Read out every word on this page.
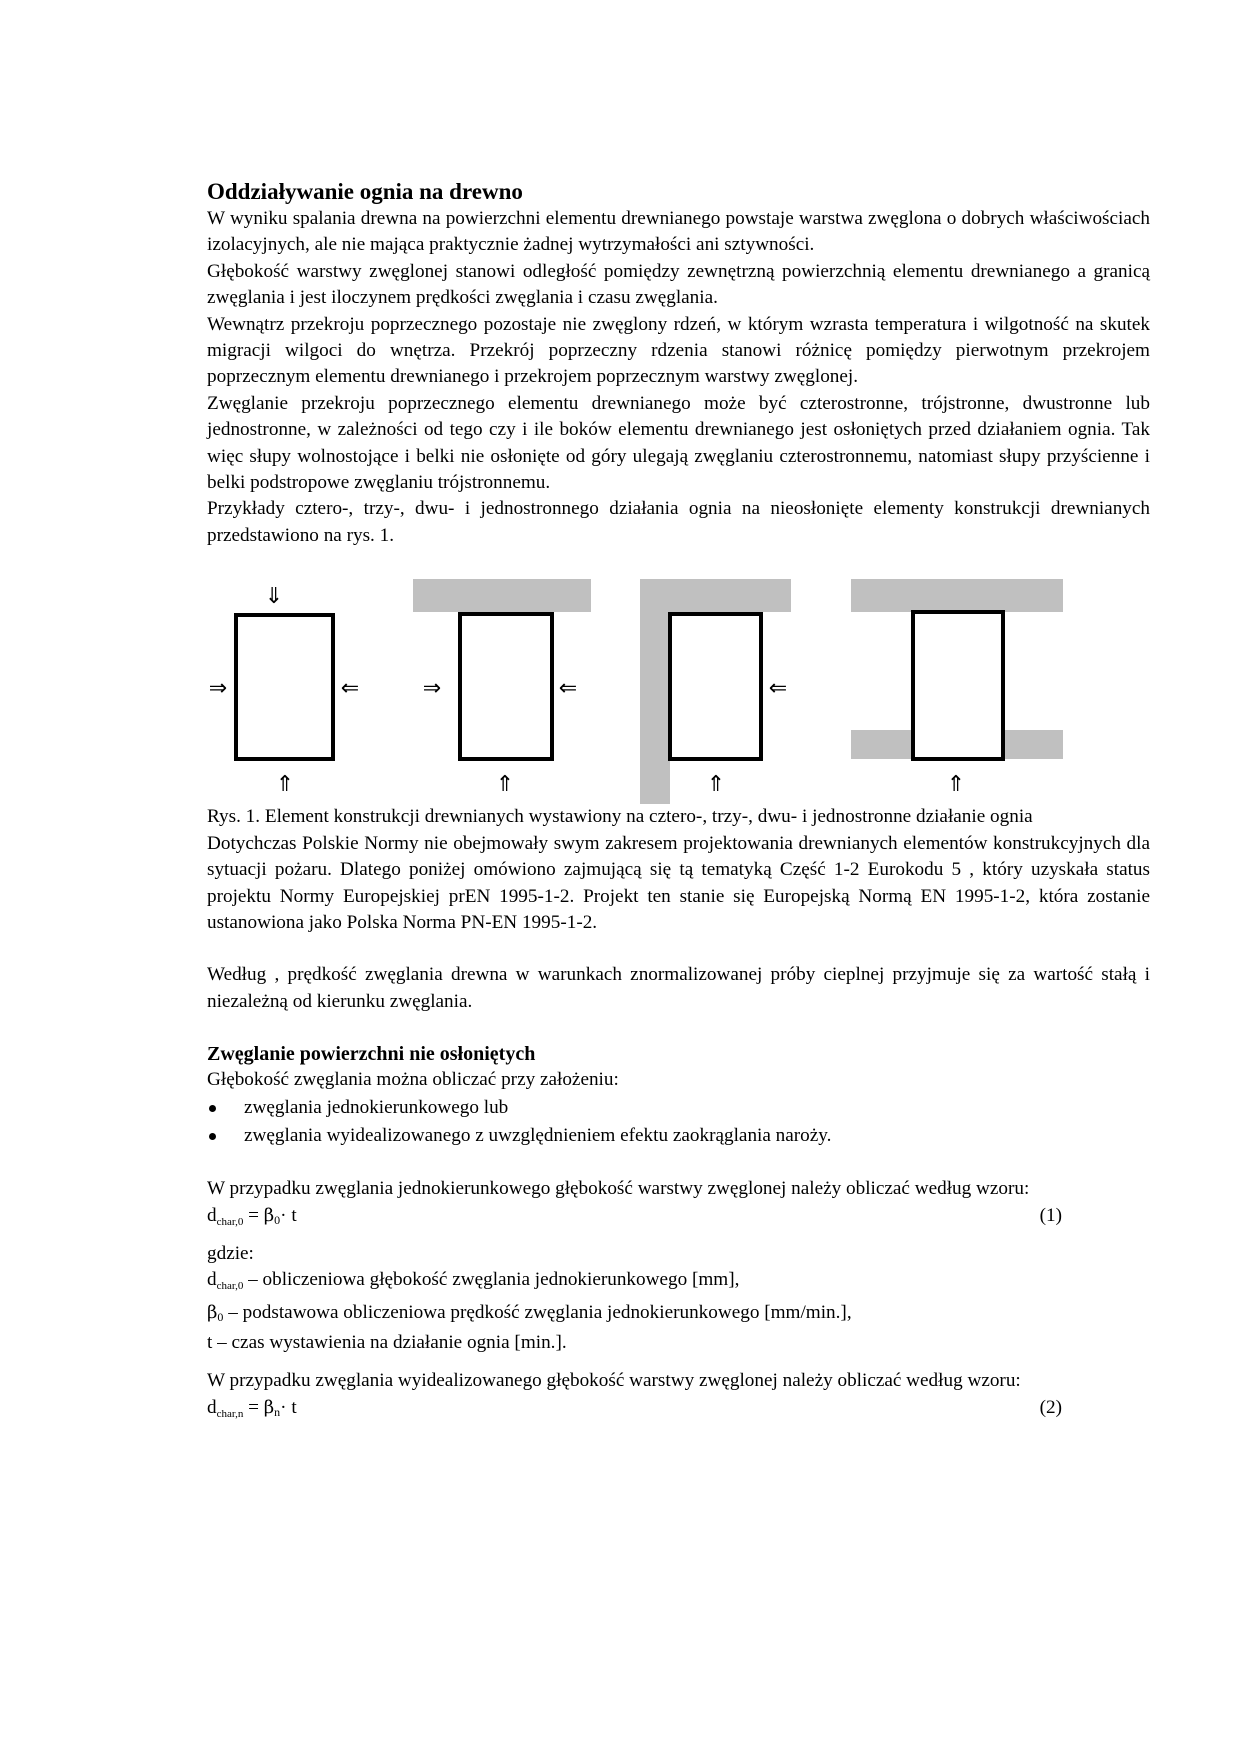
Oddziaływanie ognia na drewno

W wyniku spalania drewna na powierzchni elementu drewnianego powstaje warstwa zwęglona o dobrych właściwościach izolacyjnych, ale nie mająca praktycznie żadnej wytrzymałości ani sztywności.

Głębokość warstwy zwęglonej stanowi odległość pomiędzy zewnętrzną powierzchnią elementu drewnianego a granicą zwęglania i jest iloczynem prędkości zwęglania i czasu zwęglania.

Wewnątrz przekroju poprzecznego pozostaje nie zwęglony rdzeń, w którym wzrasta temperatura i wilgotność na skutek migracji wilgoci do wnętrza. Przekrój poprzeczny rdzenia stanowi różnicę pomiędzy pierwotnym przekrojem poprzecznym elementu drewnianego i przekrojem poprzecznym warstwy zwęglonej.

Zwęglanie przekroju poprzecznego elementu drewnianego może być czterostronne, trójstronne, dwustronne lub jednostronne, w zależności od tego czy i ile boków elementu drewnianego jest osłoniętych przed działaniem ognia. Tak więc słupy wolnostojące i belki nie osłonięte od góry ulegają zwęglaniu czterostronnemu, natomiast słupy przyścienne i belki podstropowe zwęglaniu trójstronnemu.

Przykłady cztero-, trzy-, dwu- i jednostronnego działania ognia na nieosłonięte elementy konstrukcji drewnianych przedstawiono na rys. 1.

⇓
⇒	⇐
⇑
⇒	⇐
⇑
⇐
⇑	⇑

Rys. 1. Element konstrukcji drewnianych wystawiony na cztero-, trzy-, dwu- i jednostronne działanie ognia

Dotychczas Polskie Normy nie obejmowały swym zakresem projektowania drewnianych elementów konstrukcyjnych dla sytuacji pożaru. Dlatego poniżej omówiono zajmującą się tą tematyką Część 1-2 Eurokodu 5 , który uzyskała status projektu Normy Europejskiej prEN 1995-1-2. Projekt ten stanie się Europejską Normą EN 1995-1-2, która zostanie ustanowiona jako Polska Norma PN-EN 1995-1-2.

Według , prędkość zwęglania drewna w warunkach znormalizowanej próby cieplnej przyjmuje się za wartość stałą i niezależną od kierunku zwęglania.

Zwęglanie powierzchni nie osłoniętych

Głębokość zwęglania można obliczać przy założeniu:

zwęglania jednokierunkowego lub
zwęglania wyidealizowanego z uwzględnieniem efektu zaokrąglania naroży.

W przypadku zwęglania jednokierunkowego głębokość warstwy zwęglonej należy obliczać według wzoru:

$d_{char,0} = \beta 0\cdot t$	(1)

gdzie:

$d_{char,0}$ – obliczeniowa głębokość zwęglania jednokierunkowego [mm],

β0 – podstawowa obliczeniowa prędkość zwęglania jednokierunkowego [mm/min.],

t – czas wystawienia na działanie ognia [min.].

W przypadku zwęglania wyidealizowanego głębokość warstwy zwęglonej należy obliczać według wzoru:

$d_{char,n} = \beta n\cdot t$	(2)
